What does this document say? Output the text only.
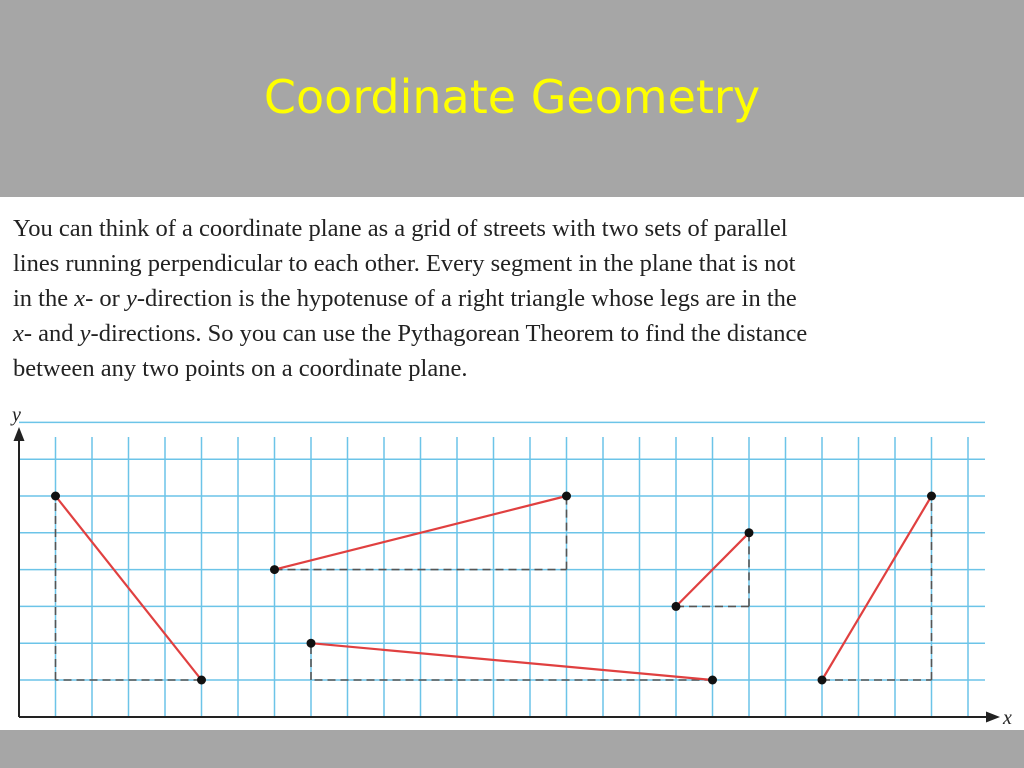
Coordinate Geometry
You can think of a coordinate plane as a grid of streets with two sets of parallel
lines running perpendicular to each other. Every segment in the plane that is not
in the x- or y-direction is the hypotenuse of a right triangle whose legs are in the
x- and y-directions. So you can use the Pythagorean Theorem to find the distance
between any two points on a coordinate plane.
x
y
